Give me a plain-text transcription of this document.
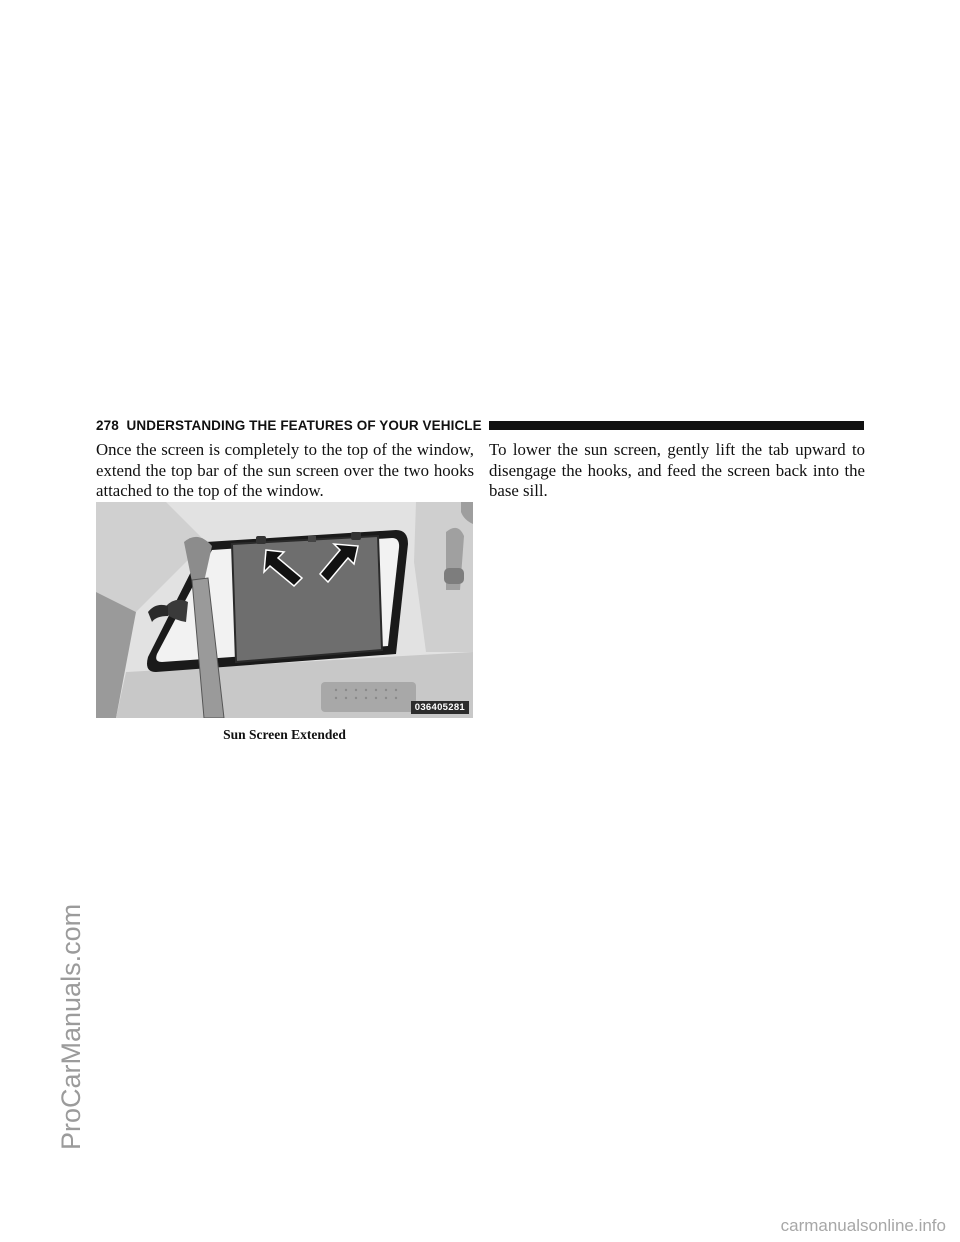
ProCarManuals.com
278 UNDERSTANDING THE FEATURES OF YOUR VEHICLE

Once the screen is completely to the top of the window, extend the top bar of the sun screen over the two hooks attached to the top of the window.

To lower the sun screen, gently lift the tab upward to disengage the hooks, and feed the screen back into the base sill.

036405281
Sun Screen Extended
carmanualsonline.info
